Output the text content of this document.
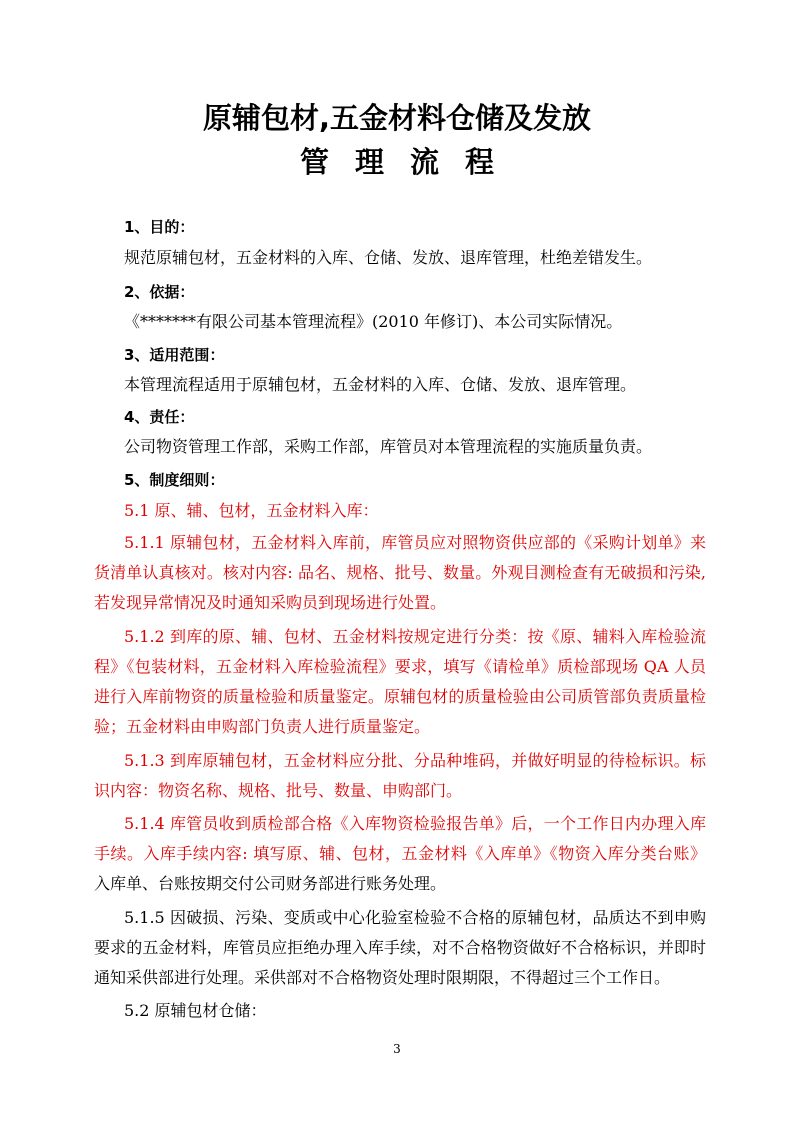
原辅包材,五金材料仓储及发放
管理流程

1、目的：

规范原辅包材，五金材料的入库、仓储、发放、退库管理，杜绝差错发生。

2、依据：

《*******有限公司基本管理流程》(2010 年修订)、本公司实际情况。

3、适用范围：

本管理流程适用于原辅包材，五金材料的入库、仓储、发放、退库管理。

4、责任：

公司物资管理工作部，采购工作部，库管员对本管理流程的实施质量负责。

5、制度细则：

5.1 原、辅、包材，五金材料入库：

5.1.1 原辅包材，五金材料入库前，库管员应对照物资供应部的《采购计划单》来

货清单认真核对。核对内容: 品名、规格、批号、数量。外观目测检查有无破损和污染,

若发现异常情况及时通知采购员到现场进行处置。

5.1.2 到库的原、辅、包材、五金材料按规定进行分类：按《原、辅料入库检验流

程》《包装材料，五金材料入库检验流程》要求，填写《请检单》质检部现场 QA 人员

进行入库前物资的质量检验和质量鉴定。原辅包材的质量检验由公司质管部负责质量检

验；五金材料由申购部门负责人进行质量鉴定。

5.1.3 到库原辅包材，五金材料应分批、分品种堆码，并做好明显的待检标识。标

识内容：物资名称、规格、批号、数量、申购部门。

5.1.4 库管员收到质检部合格《入库物资检验报告单》后，一个工作日内办理入库

手续。入库手续内容: 填写原、辅、包材，五金材料《入库单》《物资入库分类台账》

入库单、台账按期交付公司财务部进行账务处理。

5.1.5 因破损、污染、变质或中心化验室检验不合格的原辅包材，品质达不到申购

要求的五金材料，库管员应拒绝办理入库手续，对不合格物资做好不合格标识，并即时

通知采供部进行处理。采供部对不合格物资处理时限期限，不得超过三个工作日。

5.2 原辅包材仓储：

3
